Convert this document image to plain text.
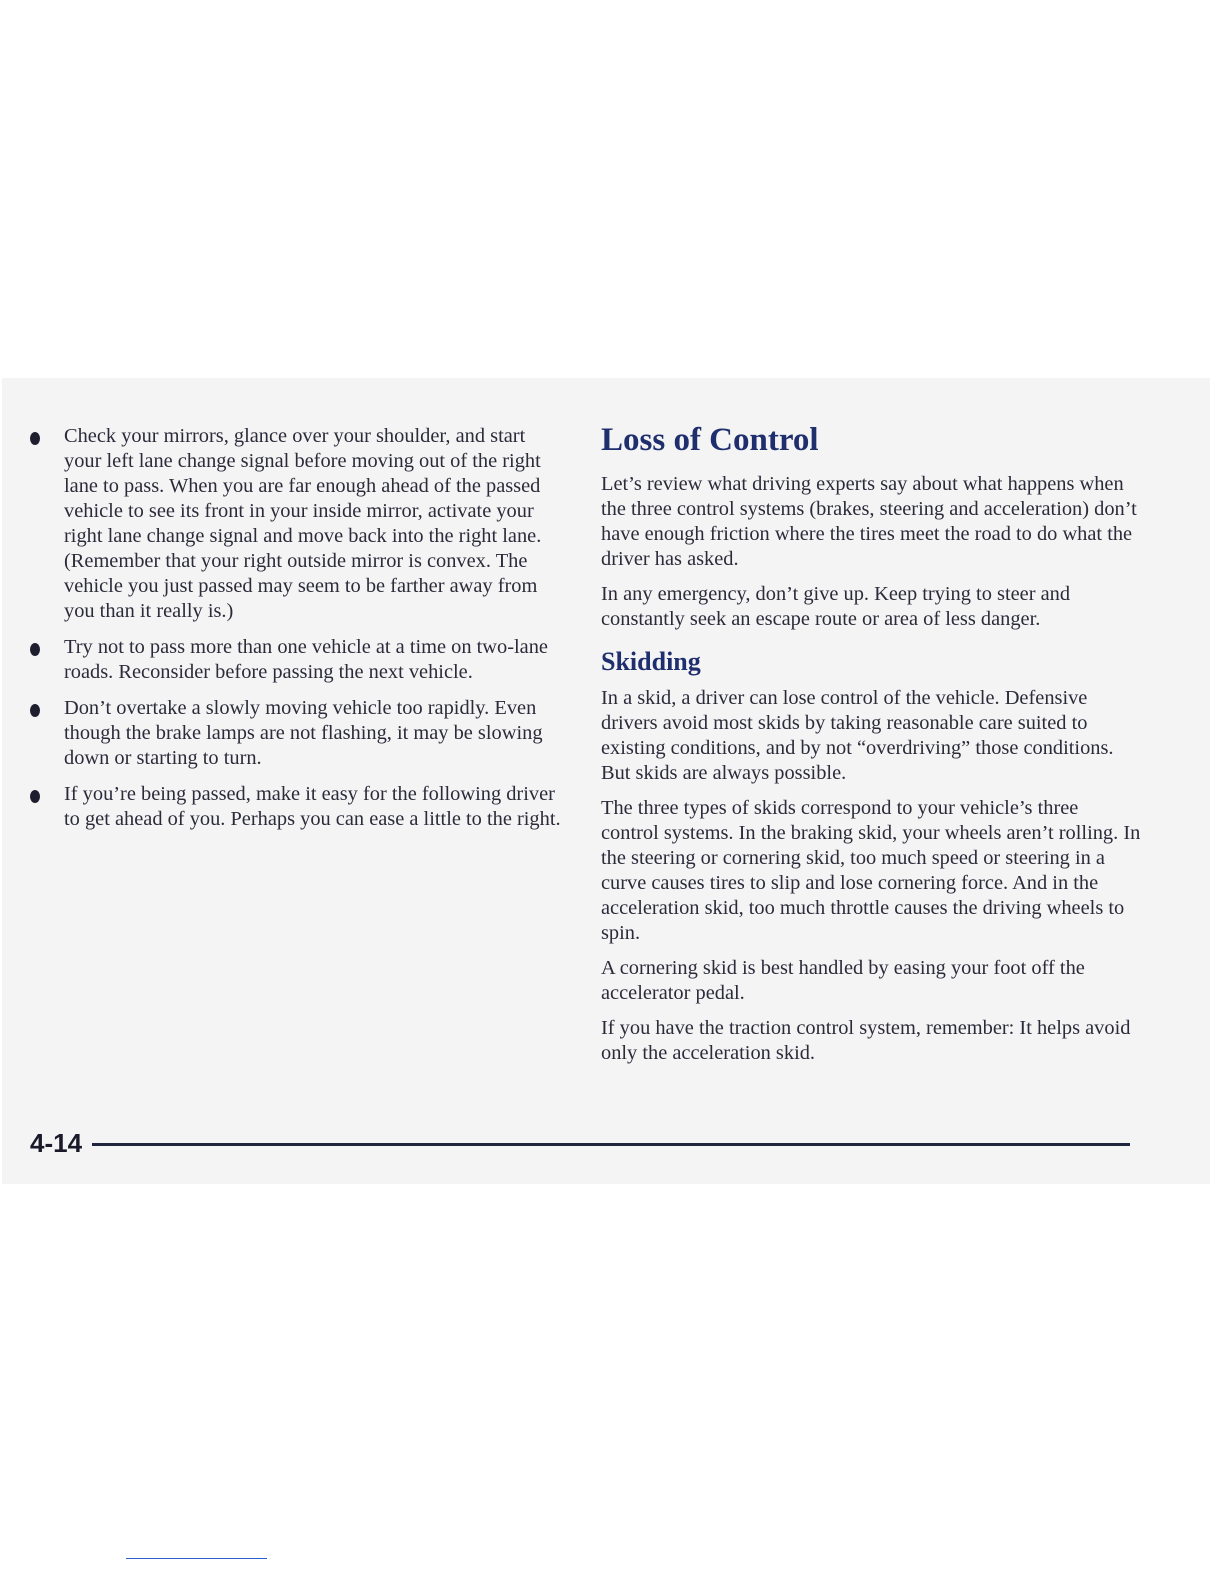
Check your mirrors, glance over your shoulder, and start your left lane change signal before moving out of the right lane to pass. When you are far enough ahead of the passed vehicle to see its front in your inside mirror, activate your right lane change signal and move back into the right lane. (Remember that your right outside mirror is convex. The vehicle you just passed may seem to be farther away from you than it really is.)
Try not to pass more than one vehicle at a time on two-lane roads. Reconsider before passing the next vehicle.
Don’t overtake a slowly moving vehicle too rapidly. Even though the brake lamps are not flashing, it may be slowing down or starting to turn.
If you’re being passed, make it easy for the following driver to get ahead of you. Perhaps you can ease a little to the right.
Loss of Control

Let’s review what driving experts say about what happens when the three control systems (brakes, steering and acceleration) don’t have enough friction where the tires meet the road to do what the driver has asked.

In any emergency, don’t give up. Keep trying to steer and constantly seek an escape route or area of less danger.

Skidding

In a skid, a driver can lose control of the vehicle. Defensive drivers avoid most skids by taking reasonable care suited to existing conditions, and by not “overdriving” those conditions. But skids are always possible.

The three types of skids correspond to your vehicle’s three control systems. In the braking skid, your wheels aren’t rolling. In the steering or cornering skid, too much speed or steering in a curve causes tires to slip and lose cornering force. And in the acceleration skid, too much throttle causes the driving wheels to spin.

A cornering skid is best handled by easing your foot off the accelerator pedal.

If you have the traction control system, remember: It helps avoid only the acceleration skid.

4-14
